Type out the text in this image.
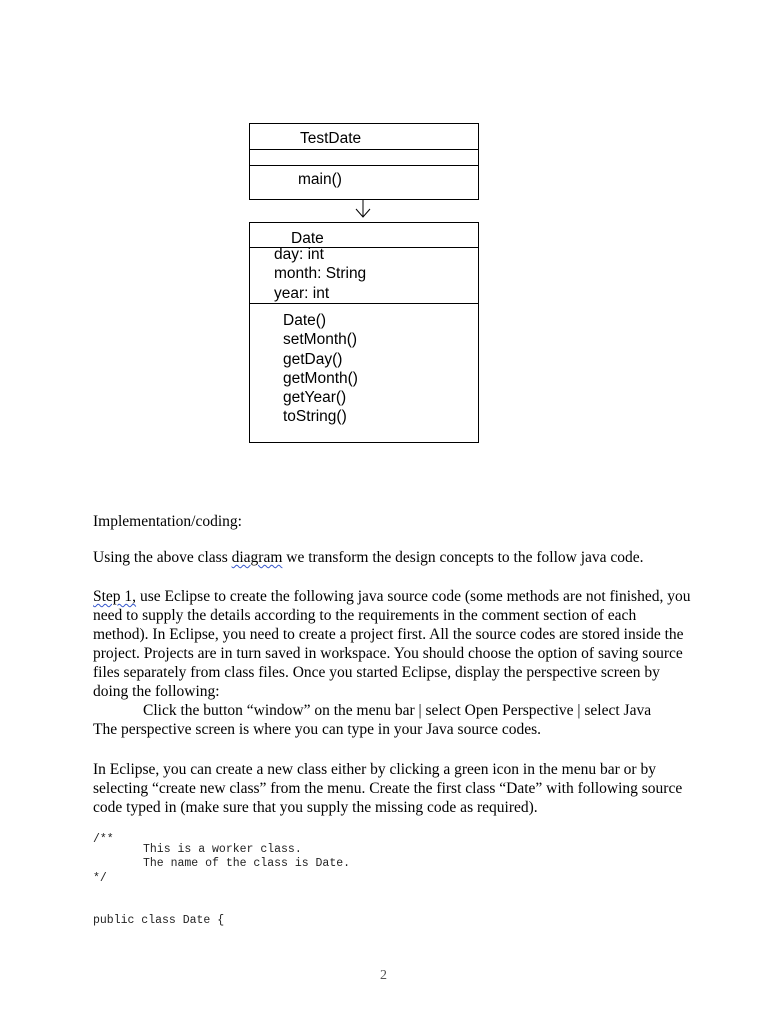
TestDate
main()
Date
day: int
month: String
year: int
Date()
setMonth()
getDay()
getMonth()
getYear()
toString()
Implementation/coding:
Using the above class diagram we transform the design concepts to the follow java code.

Step 1, use Eclipse to create the following java source code (some methods are not finished, you need to supply the details according to the requirements in the comment section of each method). In Eclipse, you need to create a project first. All the source codes are stored inside the project. Projects are in turn saved in workspace. You should choose the option of saving source files separately from class files. Once you started Eclipse, display the perspective screen by doing the following:

Click the button “window” on the menu bar | select Open Perspective | select Java

The perspective screen is where you can type in your Java source codes.

In Eclipse, you can create a new class either by clicking a green icon in the menu bar or by selecting “create new class” from the menu. Create the first class “Date” with following source code typed in (make sure that you supply the missing code as required).
/**
This is a worker class.
The name of the class is Date.
*/
public class Date {
2
